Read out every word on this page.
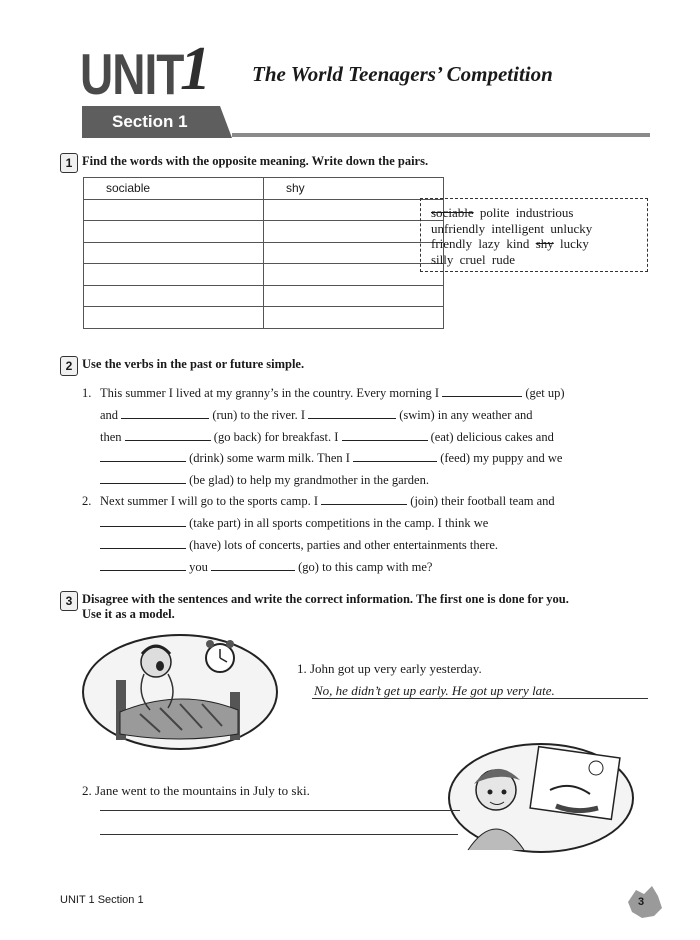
UNIT
1 The World Teenagers’ Competition
Section 1
1 Find the words with the opposite meaning. Write down the pairs.
sociable	shy

sociable polite industrious
unfriendly intelligent unlucky
friendly lazy kind shy lucky
silly cruel rude
2 Use the verbs in the past or future simple.
1. This summer I lived at my granny’s in the country. Every morning I	(get up)
and	(run) to the river. I	(swim) in any weather and
then	(go back) for breakfast. I	(eat) delicious cakes and
(drink) some warm milk. Then I	(feed) my puppy and we
(be glad) to help my grandmother in the garden.
2. Next summer I will go to the sports camp. I	(join) their football team and
(take part) in all sports competitions in the camp. I think we
(have) lots of concerts, parties and other entertainments there.
you	(go) to this camp with me?
3 Disagree with the sentences and write the correct information. The first one is done for you.
Use it as a model.
1. John got up very early yesterday.
No, he didn’t get up early. He got up very late.
2. Jane went to the mountains in July to ski.
UNIT 1 Section 1	3
